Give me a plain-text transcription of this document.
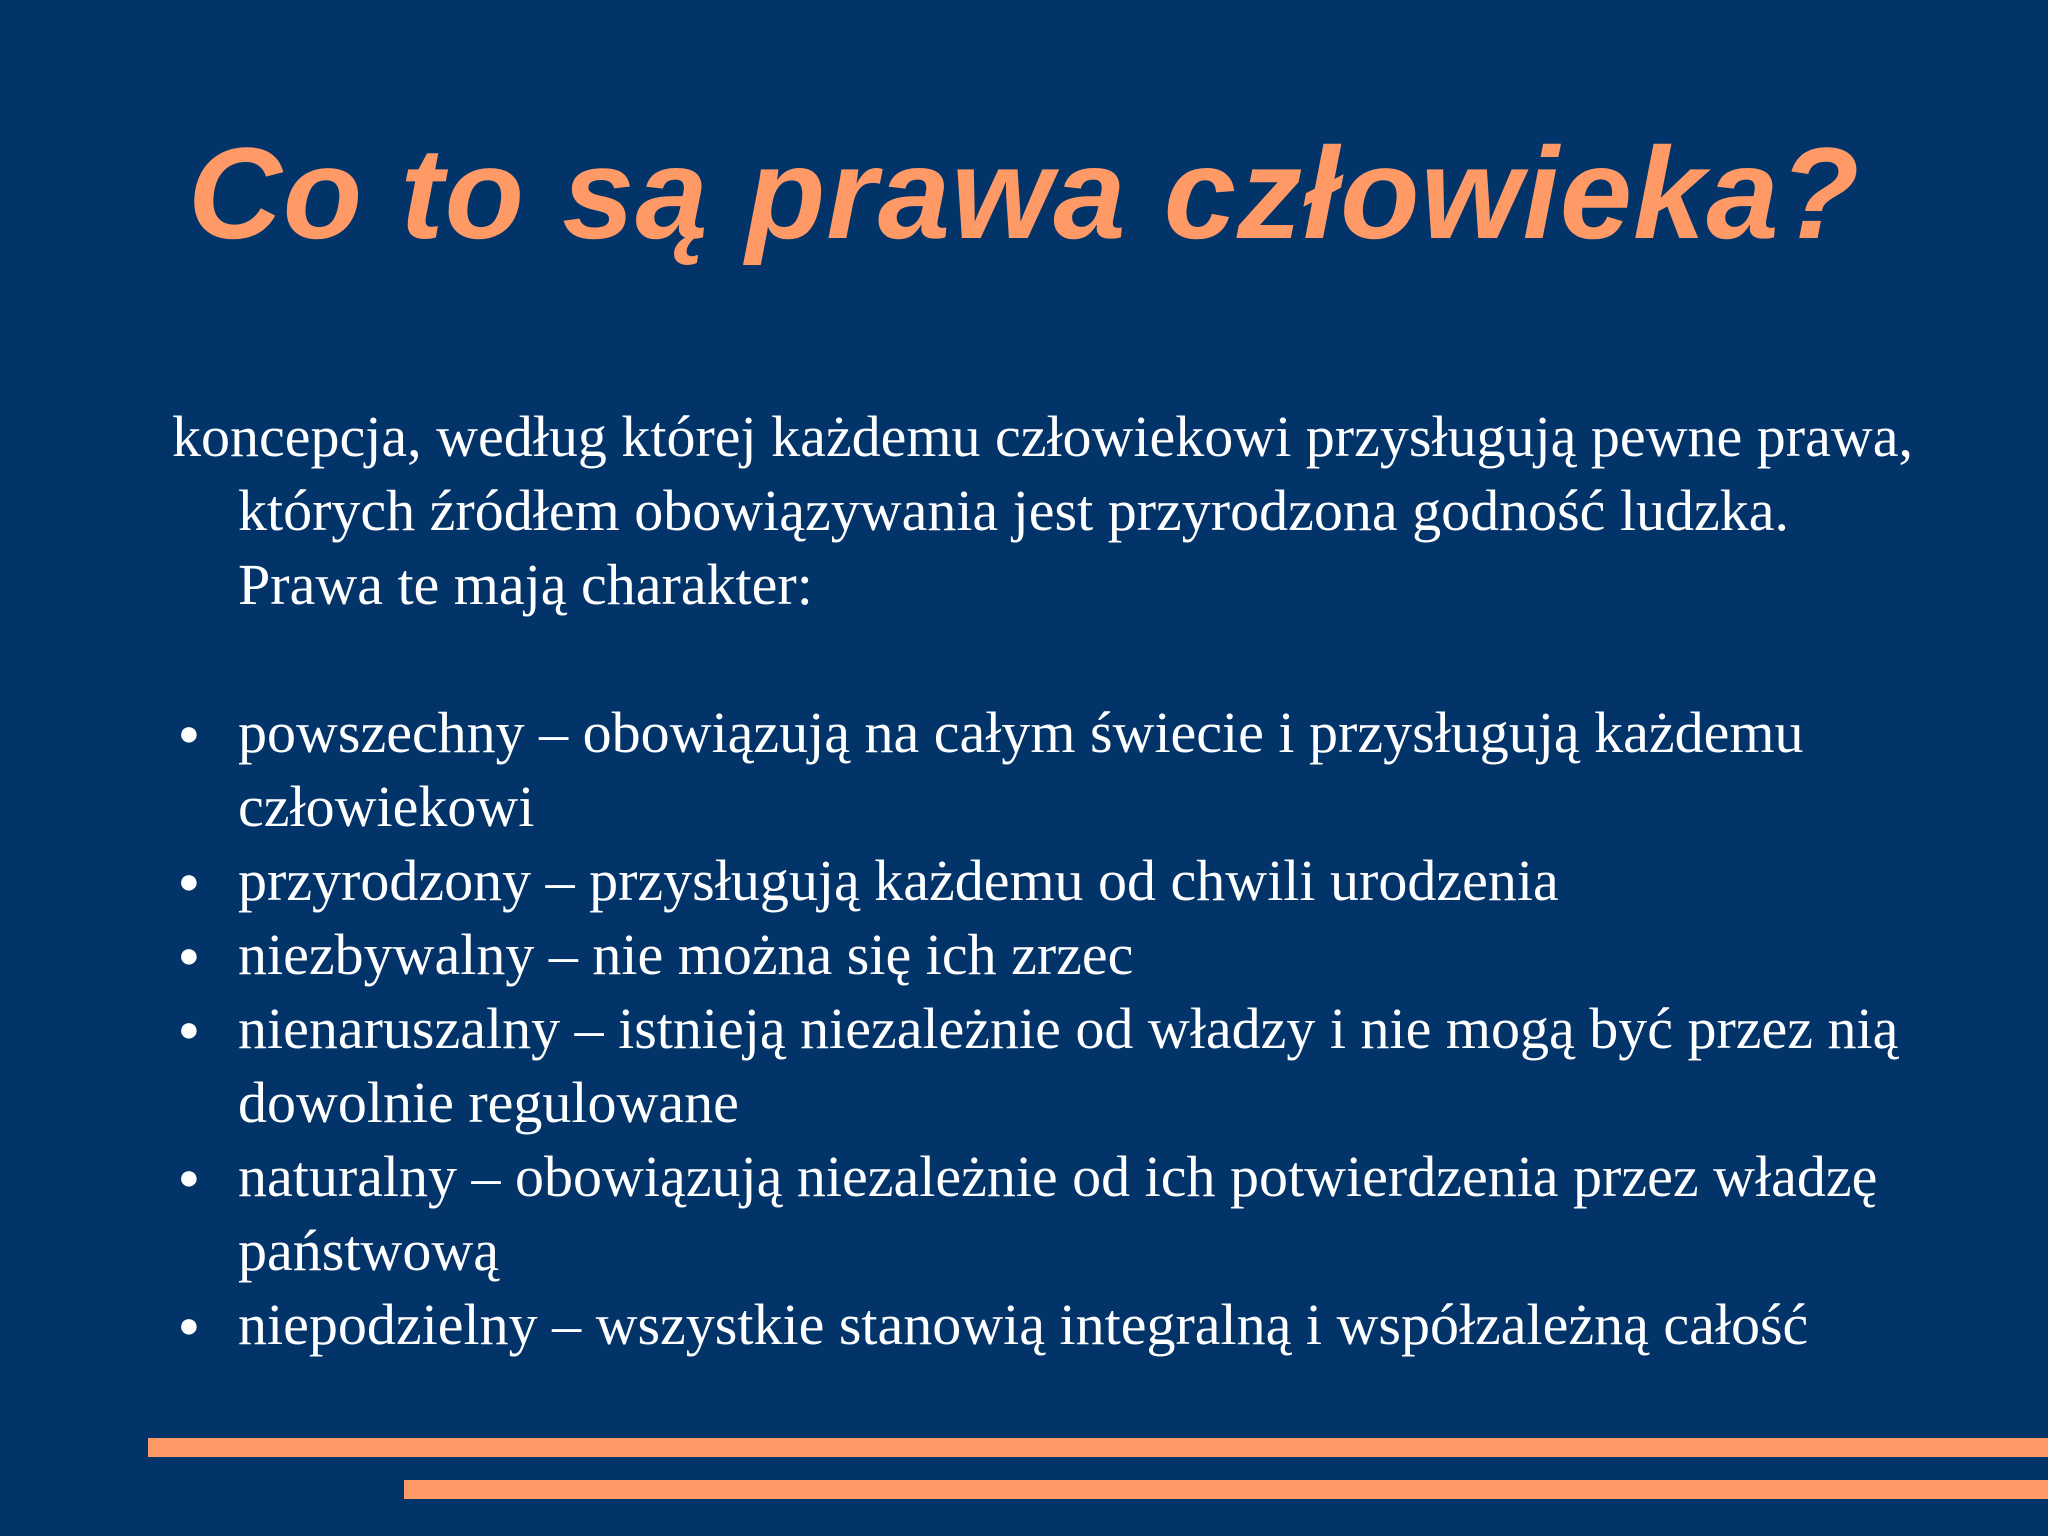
Co to są prawa człowieka?

koncepcja, według której każdemu człowiekowi przysługują pewne prawa, których źródłem obowiązywania jest przyrodzona godność ludzka. Prawa te mają charakter:

● powszechny – obowiązują na całym świecie i przysługują każdemu człowiekowi
● przyrodzony – przysługują każdemu od chwili urodzenia
● niezbywalny – nie można się ich zrzec
● nienaruszalny – istnieją niezależnie od władzy i nie mogą być przez nią dowolnie regulowane
● naturalny – obowiązują niezależnie od ich potwierdzenia przez władzę państwową
● niepodzielny – wszystkie stanowią integralną i współzależną całość
